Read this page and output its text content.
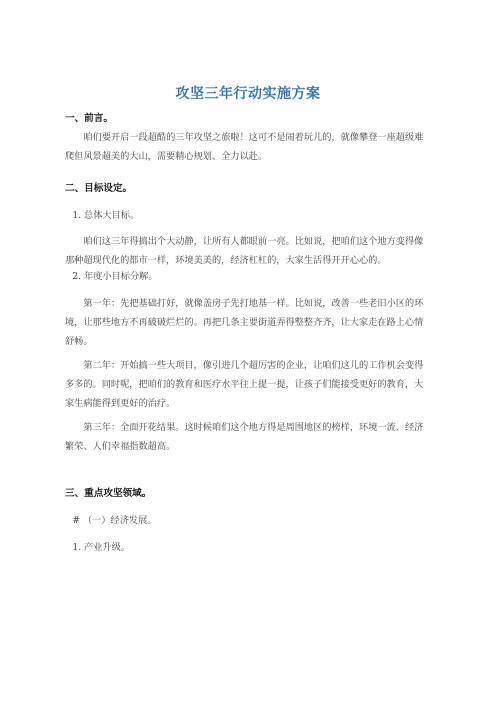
攻坚三年行动实施方案
一、前言。
咱们要开启一段超酷的三年攻坚之旅啦！这可不是闹着玩儿的，就像攀登一座超级难爬但风景超美的大山，需要精心规划、全力以赴。
二、目标设定。
1. 总体大目标。
咱们这三年得搞出个大动静，让所有人都眼前一亮。比如说，把咱们这个地方变得像那种超现代化的都市一样，环境美美的，经济杠杠的，大家生活得开开心心的。
2. 年度小目标分解。
第一年：先把基础打好，就像盖房子先打地基一样。比如说，改善一些老旧小区的环境，让那些地方不再破破烂烂的。再把几条主要街道弄得整整齐齐，让大家走在路上心情舒畅。
第二年：开始搞一些大项目，像引进几个超厉害的企业，让咱们这儿的工作机会变得多多的。同时呢，把咱们的教育和医疗水平往上提一提，让孩子们能接受更好的教育，大家生病能得到更好的治疗。
第三年：全面开花结果。这时候咱们这个地方得是周围地区的榜样，环境一流、经济繁荣、人们幸福指数超高。
三、重点攻坚领域。
# （一）经济发展。
1. 产业升级。
